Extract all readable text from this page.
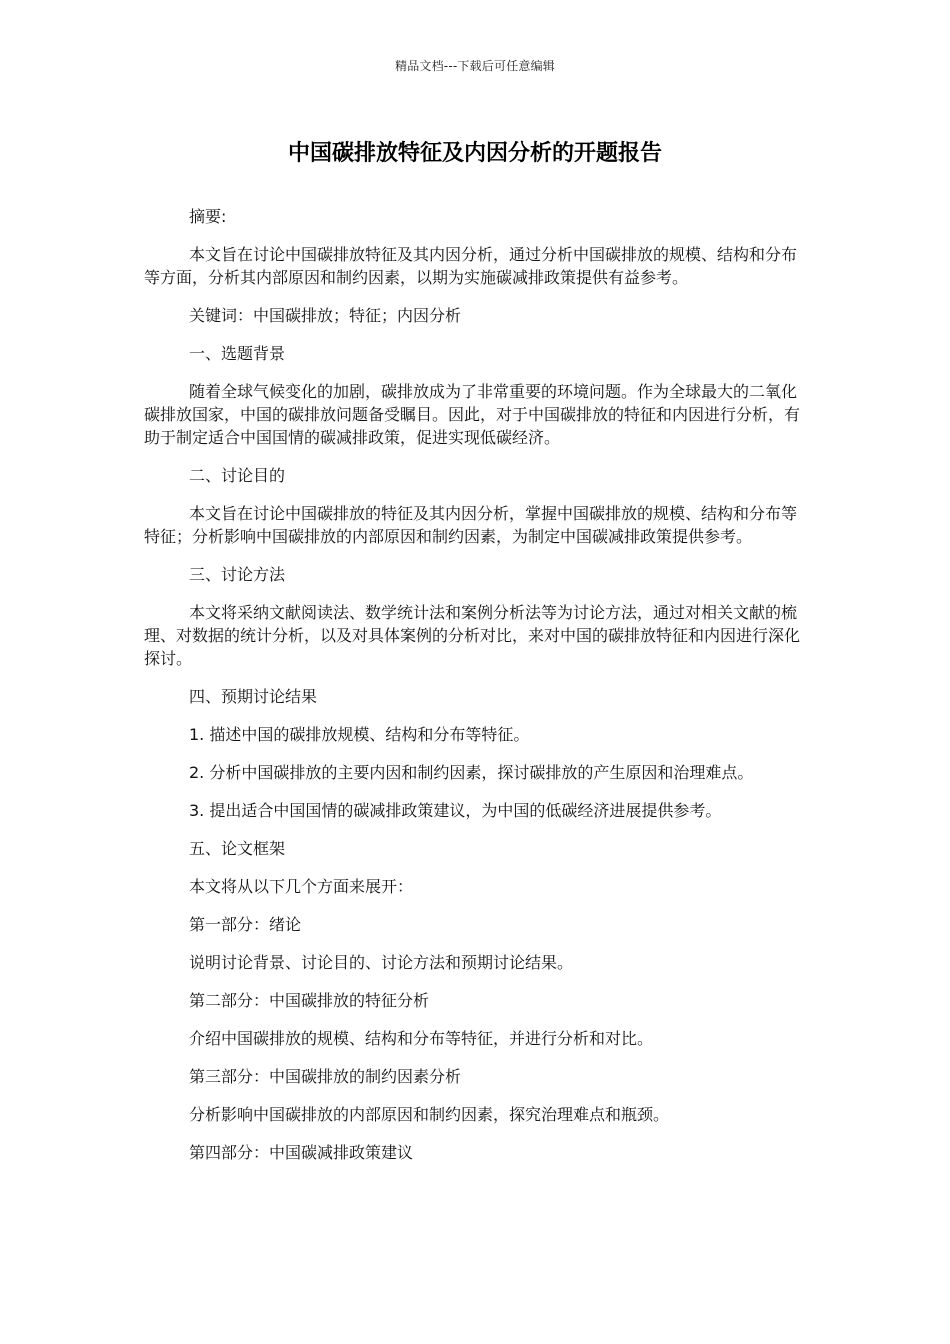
精品文档---下载后可任意编辑
中国碳排放特征及内因分析的开题报告

摘要:

本文旨在讨论中国碳排放特征及其内因分析，通过分析中国碳排放的规模、结构和分布等方面，分析其内部原因和制约因素，以期为实施碳减排政策提供有益参考。

关键词：中国碳排放；特征；内因分析

一、选题背景

随着全球气候变化的加剧，碳排放成为了非常重要的环境问题。作为全球最大的二氧化碳排放国家，中国的碳排放问题备受瞩目。因此，对于中国碳排放的特征和内因进行分析，有助于制定适合中国国情的碳减排政策，促进实现低碳经济。

二、讨论目的

本文旨在讨论中国碳排放的特征及其内因分析，掌握中国碳排放的规模、结构和分布等特征；分析影响中国碳排放的内部原因和制约因素，为制定中国碳减排政策提供参考。

三、讨论方法

本文将采纳文献阅读法、数学统计法和案例分析法等为讨论方法，通过对相关文献的梳理、对数据的统计分析，以及对具体案例的分析对比，来对中国的碳排放特征和内因进行深化探讨。

四、预期讨论结果

1. 描述中国的碳排放规模、结构和分布等特征。

2. 分析中国碳排放的主要内因和制约因素，探讨碳排放的产生原因和治理难点。

3. 提出适合中国国情的碳减排政策建议，为中国的低碳经济进展提供参考。

五、论文框架

本文将从以下几个方面来展开：

第一部分：绪论

说明讨论背景、讨论目的、讨论方法和预期讨论结果。

第二部分：中国碳排放的特征分析

介绍中国碳排放的规模、结构和分布等特征，并进行分析和对比。

第三部分：中国碳排放的制约因素分析

分析影响中国碳排放的内部原因和制约因素，探究治理难点和瓶颈。

第四部分：中国碳减排政策建议
